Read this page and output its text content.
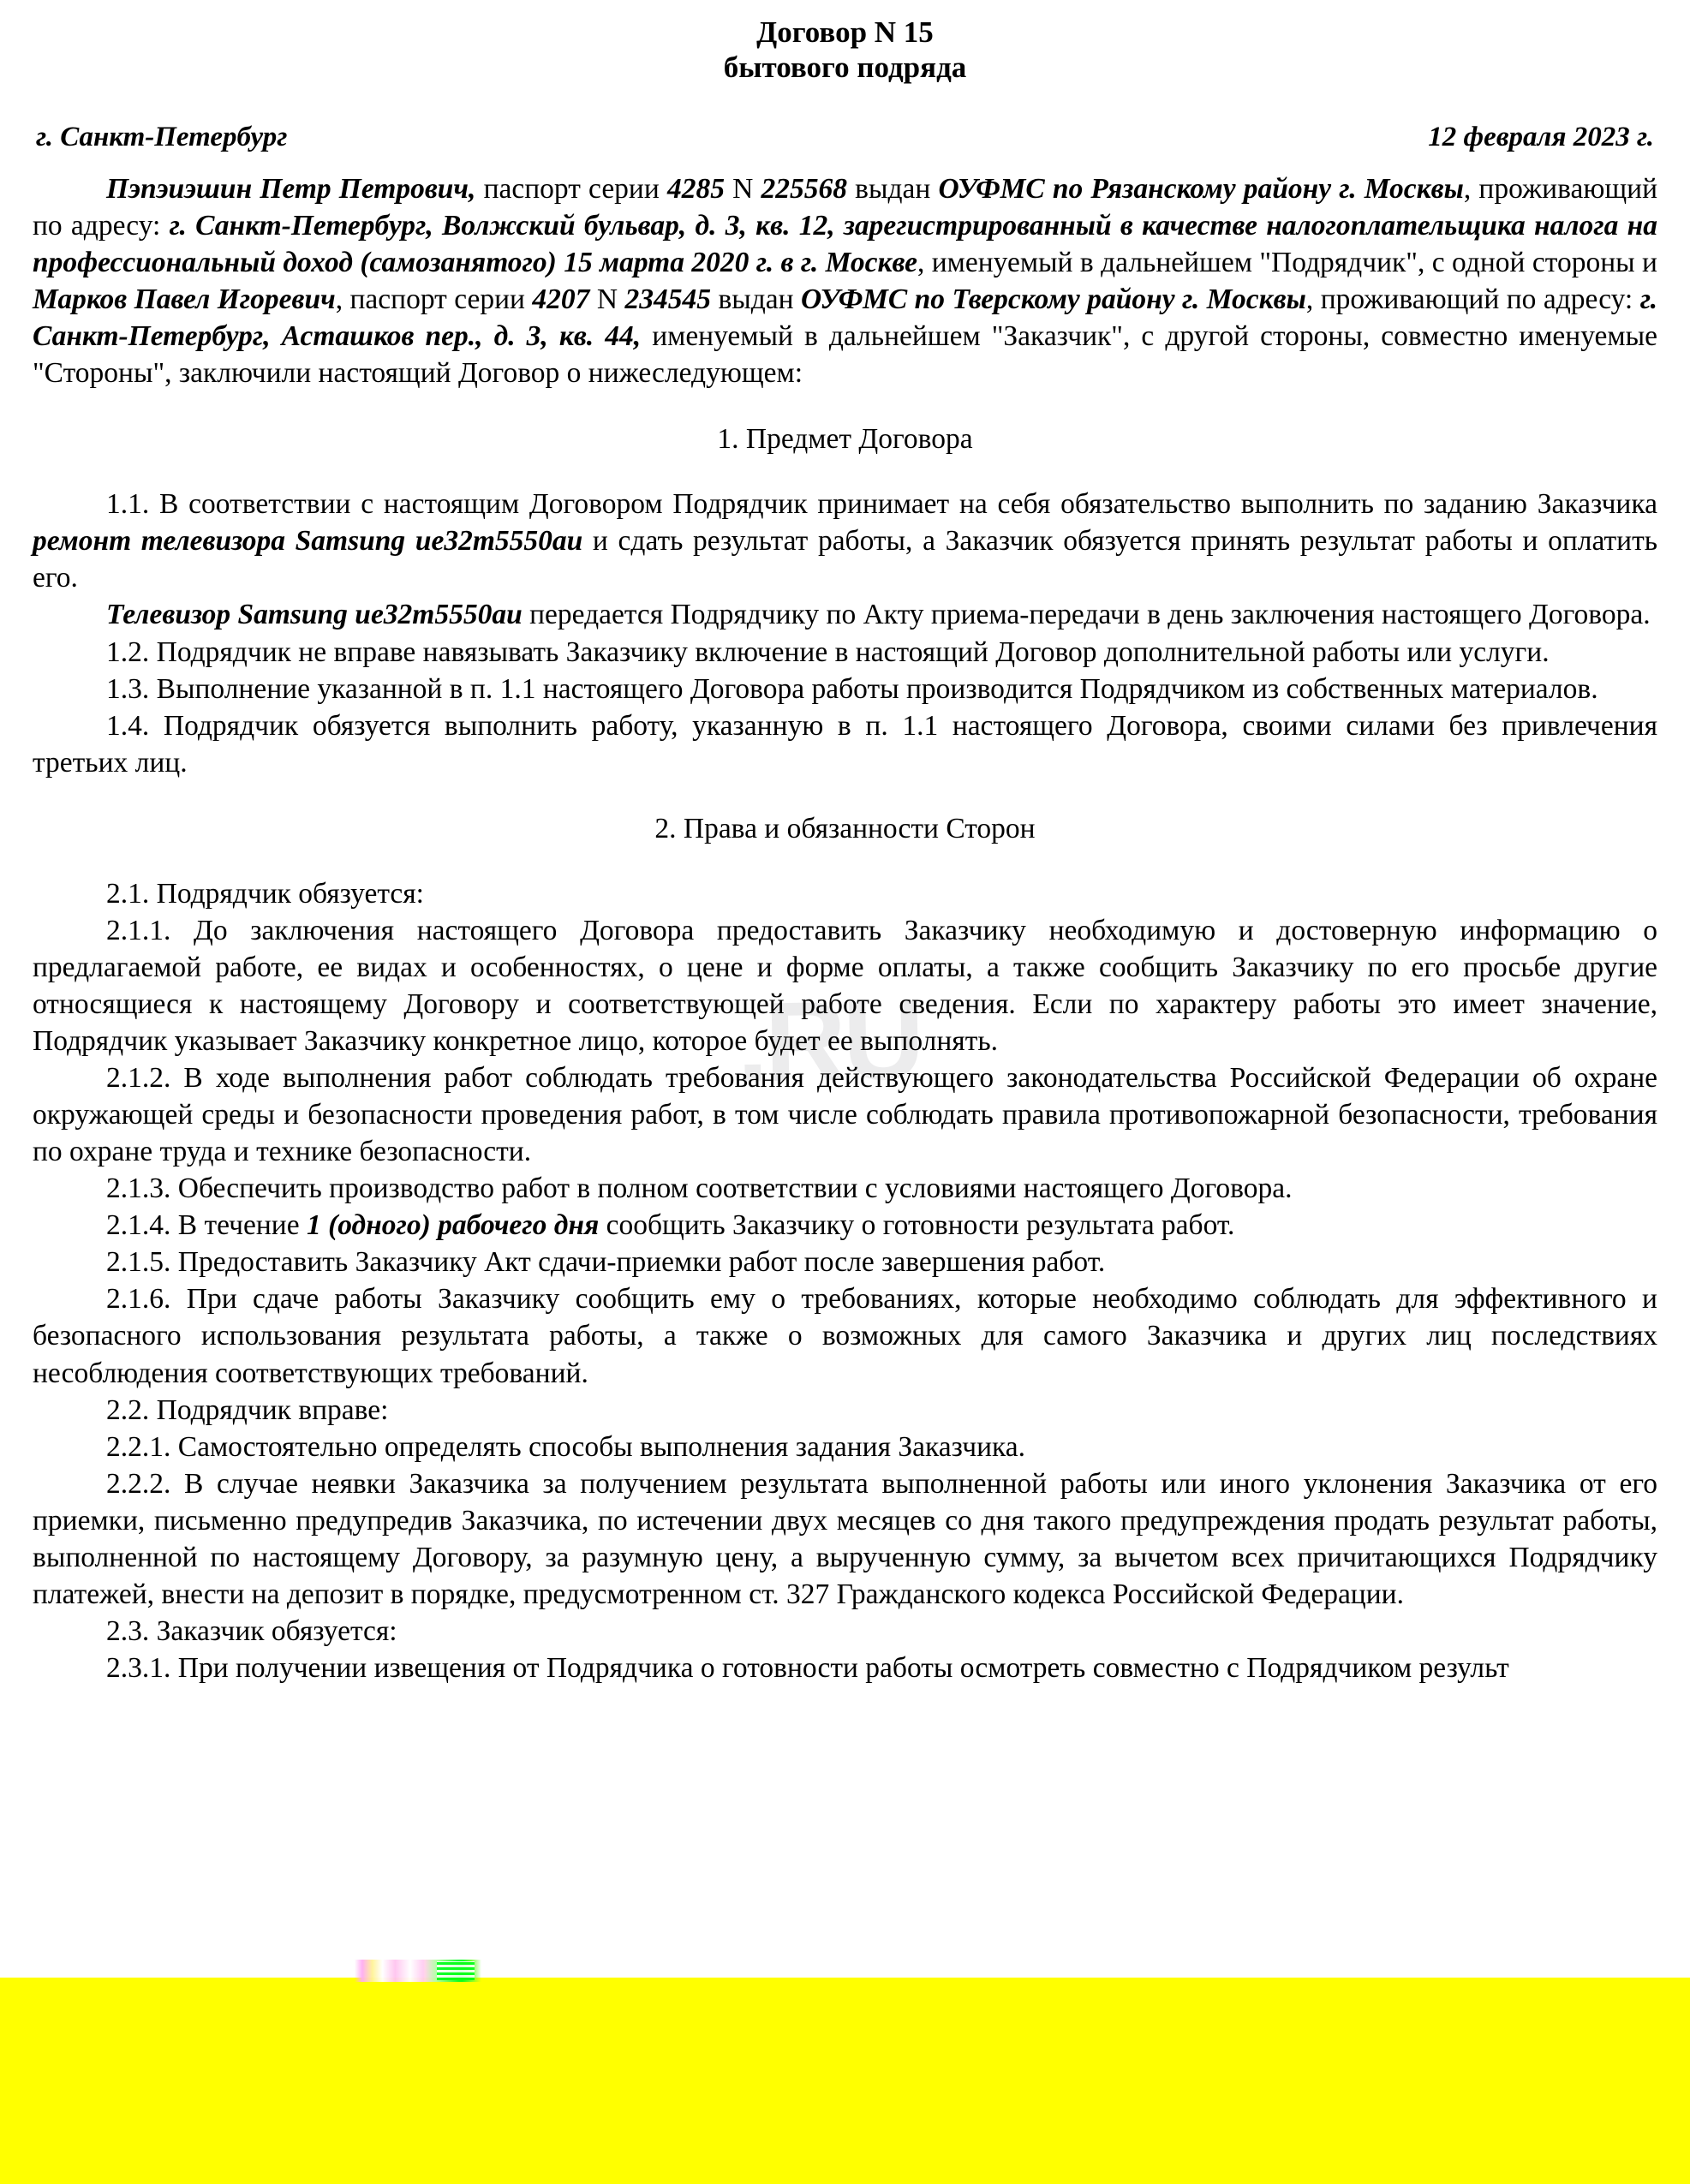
.RU
Договор N 15
бытового подряда
г. Санкт-Петербург	12 февраля 2023 г.

Пэпэиэшин Петр Петрович, паспорт серии 4285 N 225568 выдан ОУФМС по Рязанскому району г. Москвы, проживающий по адресу: г. Санкт-Петербург, Волжский бульвар, д. 3, кв. 12, зарегистрированный в качестве налогоплательщика налога на профессиональный доход (самозанятого) 15 марта 2020 г. в г. Москве, именуемый в дальнейшем "Подрядчик", с одной стороны и Марков Павел Игоревич, паспорт серии 4207 N 234545 выдан ОУФМС по Тверскому району г. Москвы, проживающий по адресу: г. Санкт-Петербург, Асташков пер., д. 3, кв. 44, именуемый в дальнейшем "Заказчик", с другой стороны, совместно именуемые "Стороны", заключили настоящий Договор о нижеследующем:

1. Предмет Договора

1.1. В соответствии с настоящим Договором Подрядчик принимает на себя обязательство выполнить по заданию Заказчика ремонт телевизора Samsung ue32m5550au и сдать результат работы, а Заказчик обязуется принять результат работы и оплатить его.

Телевизор Samsung ue32m5550au передается Подрядчику по Акту приема-передачи в день заключения настоящего Договора.

1.2. Подрядчик не вправе навязывать Заказчику включение в настоящий Договор дополнительной работы или услуги.

1.3. Выполнение указанной в п. 1.1 настоящего Договора работы производится Подрядчиком из собственных материалов.

1.4. Подрядчик обязуется выполнить работу, указанную в п. 1.1 настоящего Договора, своими силами без привлечения третьих лиц.

2. Права и обязанности Сторон

2.1. Подрядчик обязуется:

2.1.1. До заключения настоящего Договора предоставить Заказчику необходимую и достоверную информацию о предлагаемой работе, ее видах и особенностях, о цене и форме оплаты, а также сообщить Заказчику по его просьбе другие относящиеся к настоящему Договору и соответствующей работе сведения. Если по характеру работы это имеет значение, Подрядчик указывает Заказчику конкретное лицо, которое будет ее выполнять.

2.1.2. В ходе выполнения работ соблюдать требования действующего законодательства Российской Федерации об охране окружающей среды и безопасности проведения работ, в том числе соблюдать правила противопожарной безопасности, требования по охране труда и технике безопасности.

2.1.3. Обеспечить производство работ в полном соответствии с условиями настоящего Договора.

2.1.4. В течение 1 (одного) рабочего дня сообщить Заказчику о готовности результата работ.

2.1.5. Предоставить Заказчику Акт сдачи-приемки работ после завершения работ.

2.1.6. При сдаче работы Заказчику сообщить ему о требованиях, которые необходимо соблюдать для эффективного и безопасного использования результата работы, а также о возможных для самого Заказчика и других лиц последствиях несоблюдения соответствующих требований.

2.2. Подрядчик вправе:

2.2.1. Самостоятельно определять способы выполнения задания Заказчика.

2.2.2. В случае неявки Заказчика за получением результата выполненной работы или иного уклонения Заказчика от его приемки, письменно предупредив Заказчика, по истечении двух месяцев со дня такого предупреждения продать результат работы, выполненной по настоящему Договору, за разумную цену, а вырученную сумму, за вычетом всех причитающихся Подрядчику платежей, внести на депозит в порядке, предусмотренном ст. 327 Гражданского кодекса Российской Федерации.

2.3. Заказчик обязуется:

2.3.1. При получении извещения от Подрядчика о готовности работы осмотреть совместно с Подрядчиком результ
